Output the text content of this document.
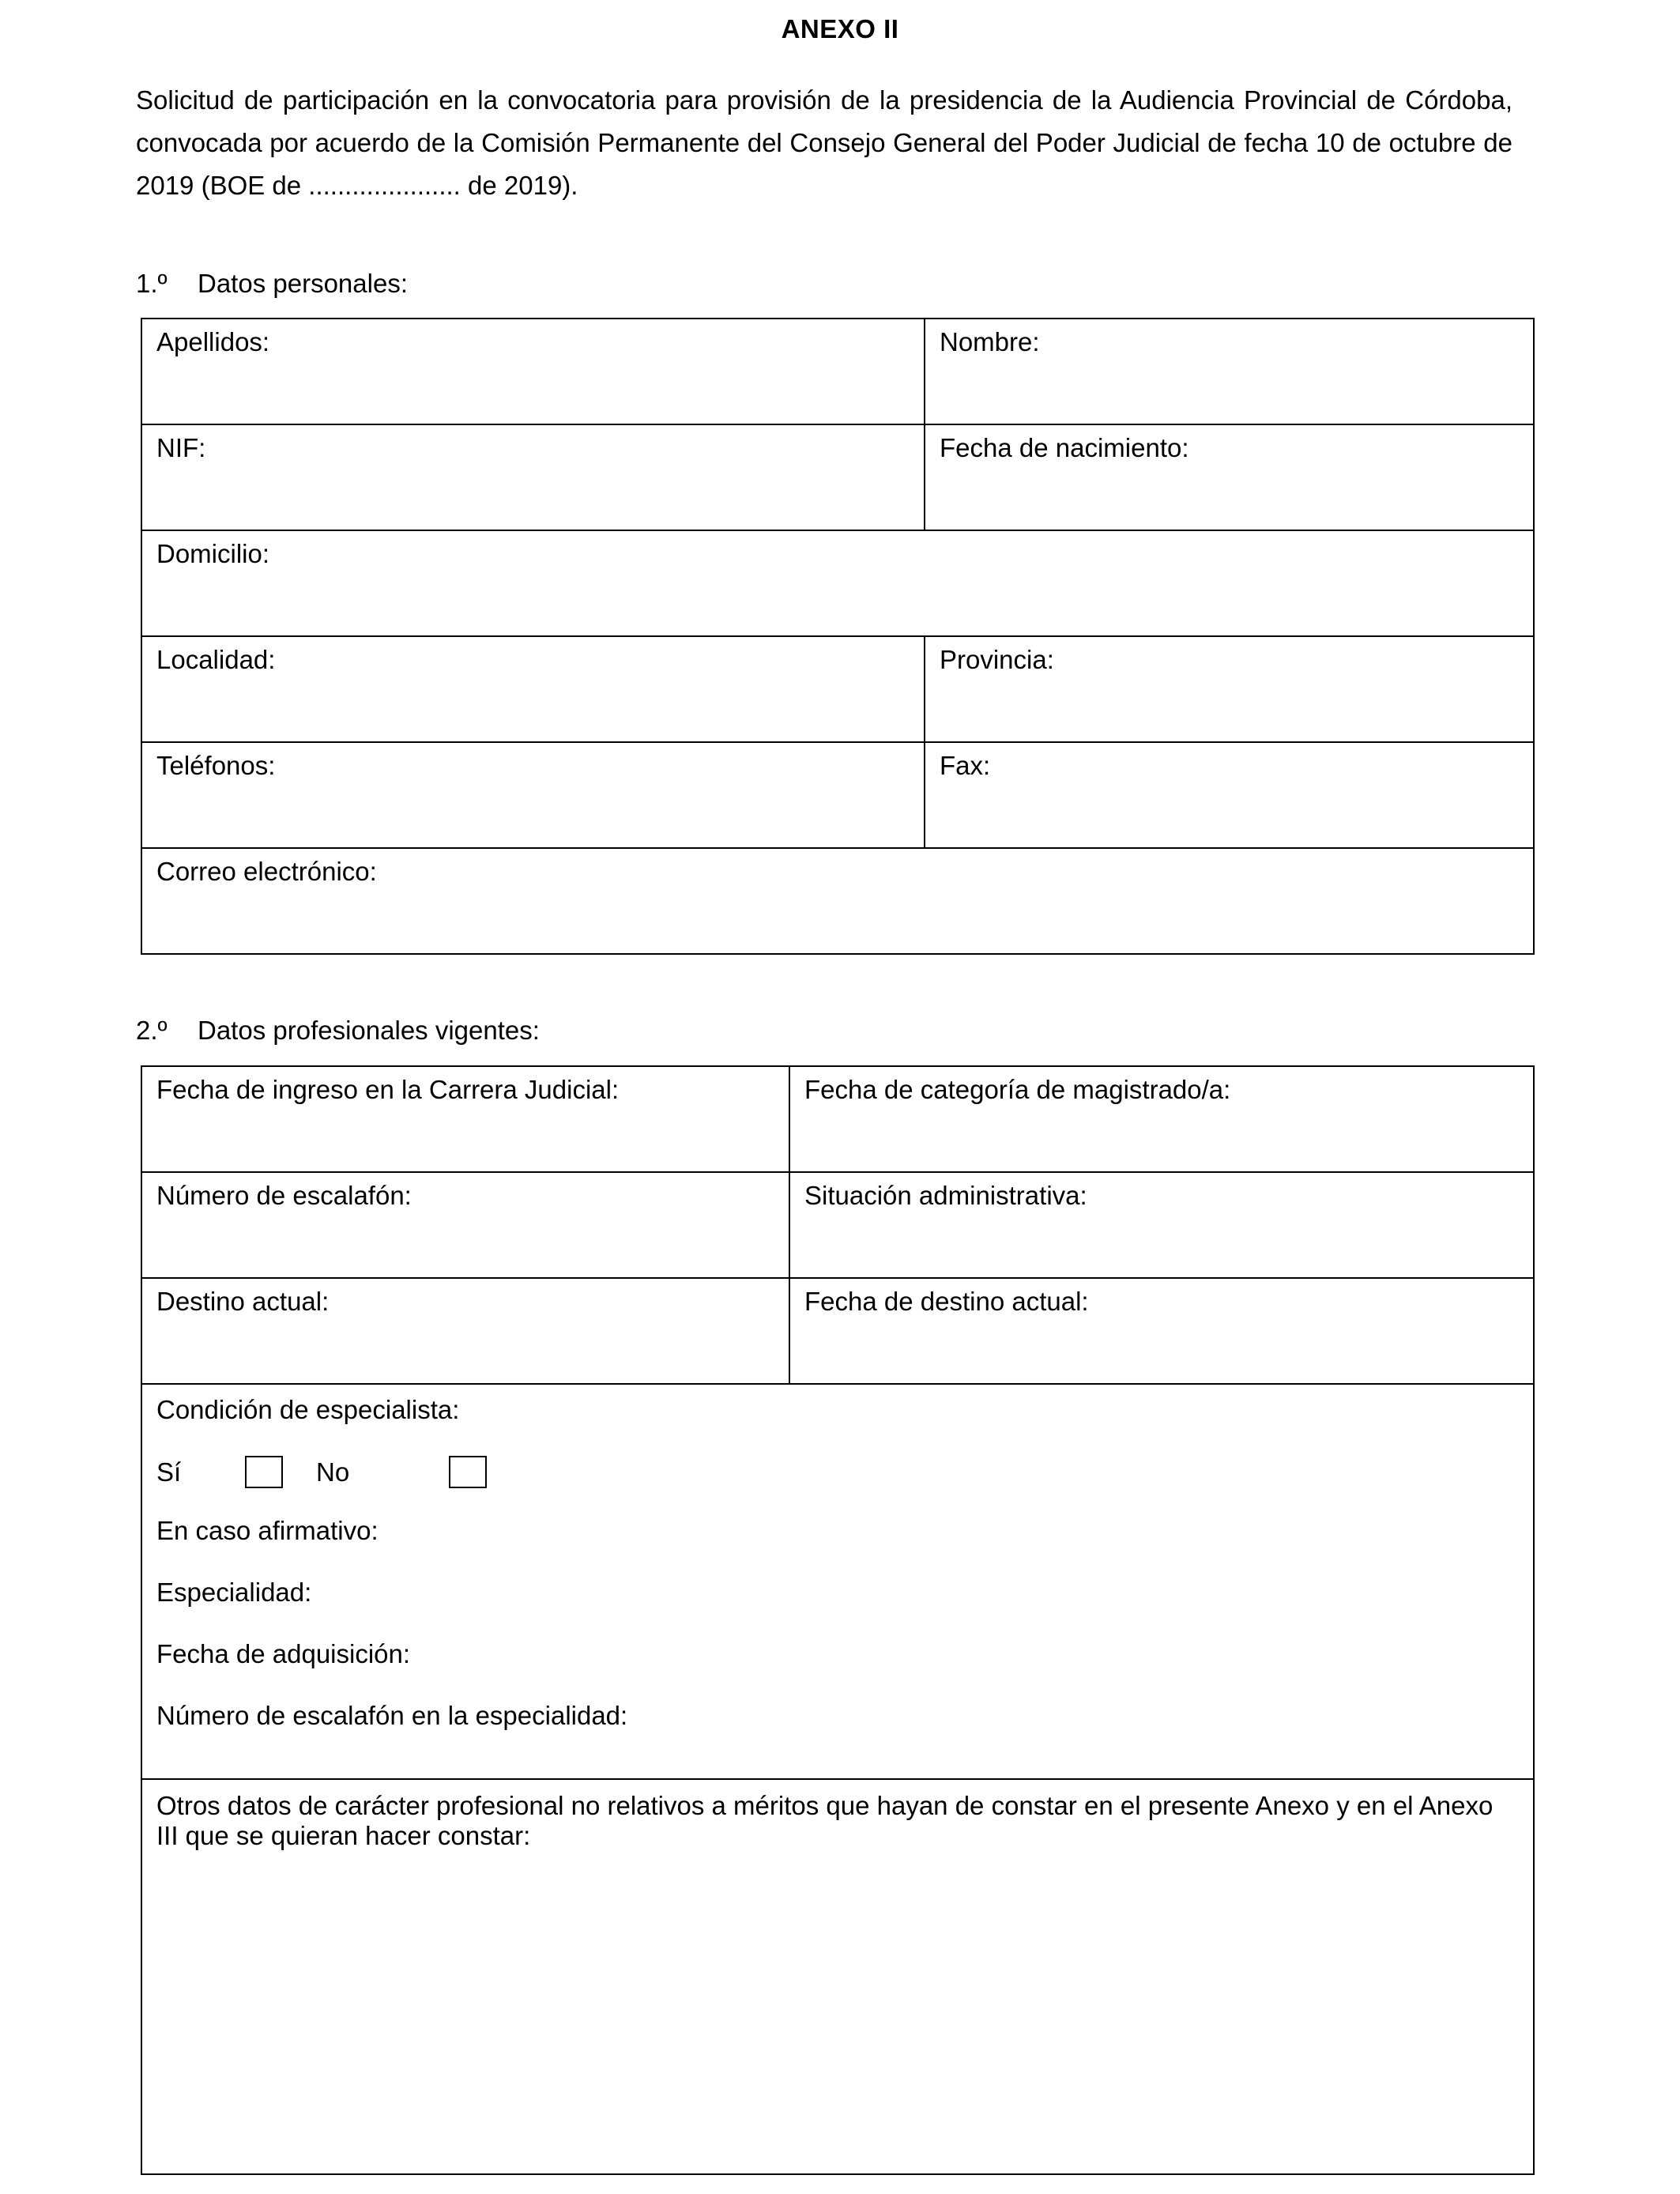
ANEXO II
Solicitud de participación en la convocatoria para provisión de la presidencia de la Audiencia Provincial de Córdoba, convocada por acuerdo de la Comisión Permanente del Consejo General del Poder Judicial de fecha 10 de octubre de 2019 (BOE de ..................... de 2019).
1.º Datos personales:
Apellidos:	Nombre:
NIF:	Fecha de nacimiento:
Domicilio:
Localidad:	Provincia:
Teléfonos:	Fax:
Correo electrónico:
2.º Datos profesionales vigentes:
Fecha de ingreso en la Carrera Judicial:	Fecha de categoría de magistrado/a:
Número de escalafón:	Situación administrativa:
Destino actual:	Fecha de destino actual:
Condición de especialista:
Sí	No
En caso afirmativo:
Especialidad:
Fecha de adquisición:
Número de escalafón en la especialidad:
Otros datos de carácter profesional no relativos a méritos que hayan de constar en el presente Anexo y en el Anexo III que se quieran hacer constar:
